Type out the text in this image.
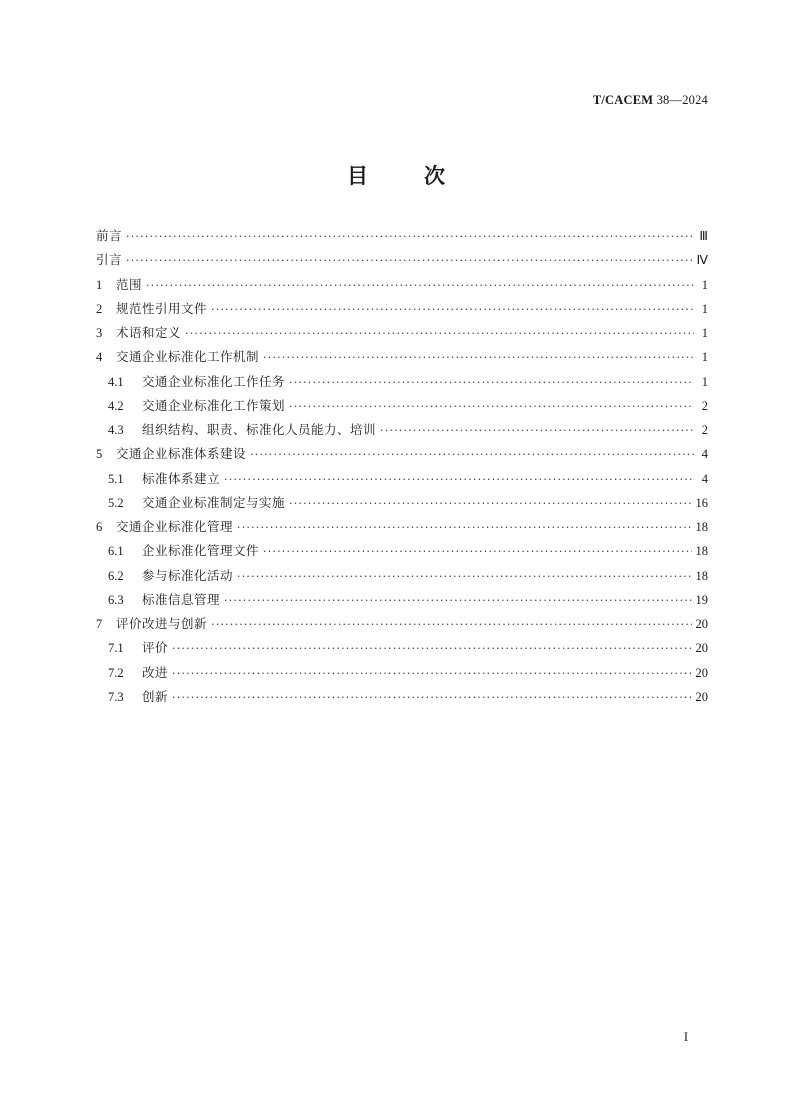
T/CACEM 38—2024
目	次
前言 ·····	Ⅲ
引言 ·····	Ⅳ
1	范围 ·····	1
2	规范性引用文件 ·····	1
3	术语和定义 ·····	1
4	交通企业标准化工作机制 ·····	1
4.1	交通企业标准化工作任务 ·····	1
4.2	交通企业标准化工作策划 ·····	2
4.3	组织结构、职责、标准化人员能力、培训 ·····	2
5	交通企业标准体系建设 ·····	4
5.1	标准体系建立 ·····	4
5.2	交通企业标准制定与实施 ·····	16
6	交通企业标准化管理 ·····	18
6.1	企业标准化管理文件 ·····	18
6.2	参与标准化活动 ·····	18
6.3	标准信息管理 ·····	19
7	评价改进与创新 ·····	20
7.1	评价 ·····	20
7.2	改进 ·····	20
7.3	创新 ·····	20
I
